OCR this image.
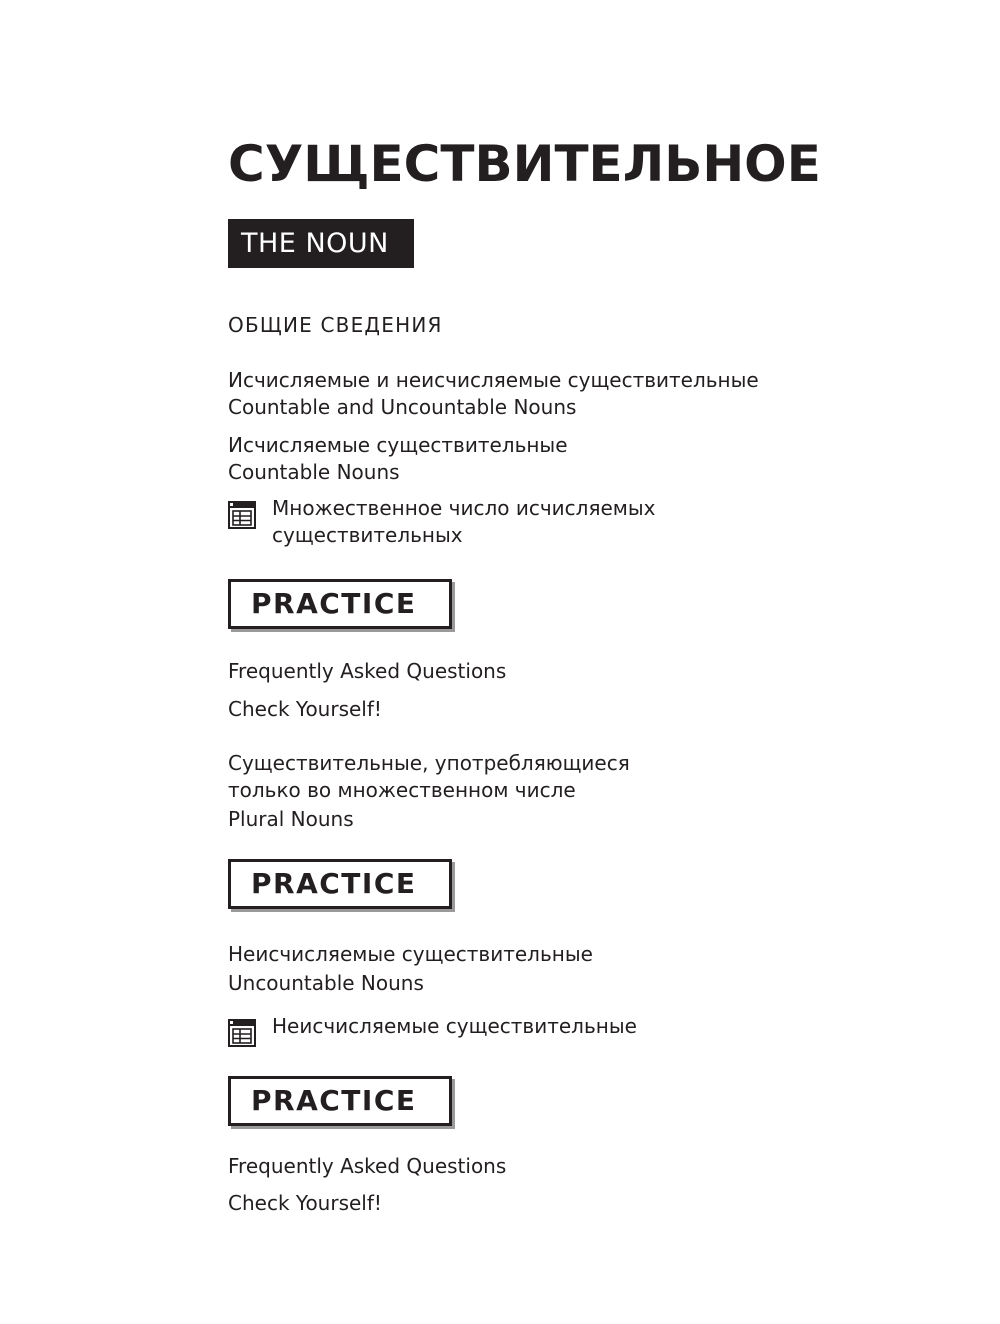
СУЩЕСТВИТЕЛЬНОЕ
THE NOUN
ОБЩИЕ СВЕДЕНИЯ
Исчисляемые и неисчисляемые существительные
Countable and Uncountable Nouns
Исчисляемые существительные
Countable Nouns
Множественное число исчисляемых
существительных
PRACTICE
Frequently Asked Questions
Check Yourself!
Существительные, употребляющиеся
только во множественном числе
Plural Nouns
PRACTICE
Неисчисляемые существительные
Uncountable Nouns
Неисчисляемые существительные
PRACTICE
Frequently Asked Questions
Check Yourself!
